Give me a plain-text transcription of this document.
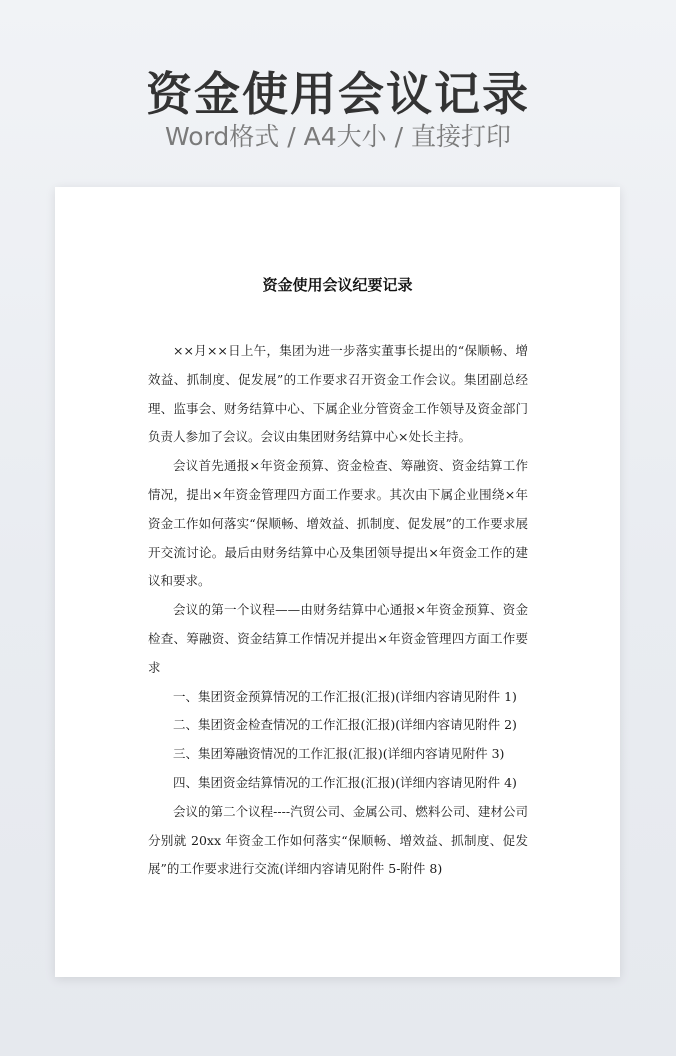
资金使用会议记录
Word格式 / A4大小 / 直接打印
资金使用会议纪要记录

××月××日上午，集团为进一步落实董事长提出的“保顺畅、增效益、抓制度、促发展”的工作要求召开资金工作会议。集团副总经理、监事会、财务结算中心、下属企业分管资金工作领导及资金部门负责人参加了会议。会议由集团财务结算中心×处长主持。

会议首先通报×年资金预算、资金检查、筹融资、资金结算工作情况，提出×年资金管理四方面工作要求。其次由下属企业围绕×年资金工作如何落实“保顺畅、增效益、抓制度、促发展”的工作要求展开交流讨论。最后由财务结算中心及集团领导提出×年资金工作的建议和要求。

会议的第一个议程——由财务结算中心通报×年资金预算、资金检查、筹融资、资金结算工作情况并提出×年资金管理四方面工作要求

一、集团资金预算情况的工作汇报(汇报)(详细内容请见附件 1)

二、集团资金检查情况的工作汇报(汇报)(详细内容请见附件 2)

三、集团筹融资情况的工作汇报(汇报)(详细内容请见附件 3)

四、集团资金结算情况的工作汇报(汇报)(详细内容请见附件 4)

会议的第二个议程----汽贸公司、金属公司、燃料公司、建材公司分别就 20xx 年资金工作如何落实“保顺畅、增效益、抓制度、促发展”的工作要求进行交流(详细内容请见附件 5-附件 8)
